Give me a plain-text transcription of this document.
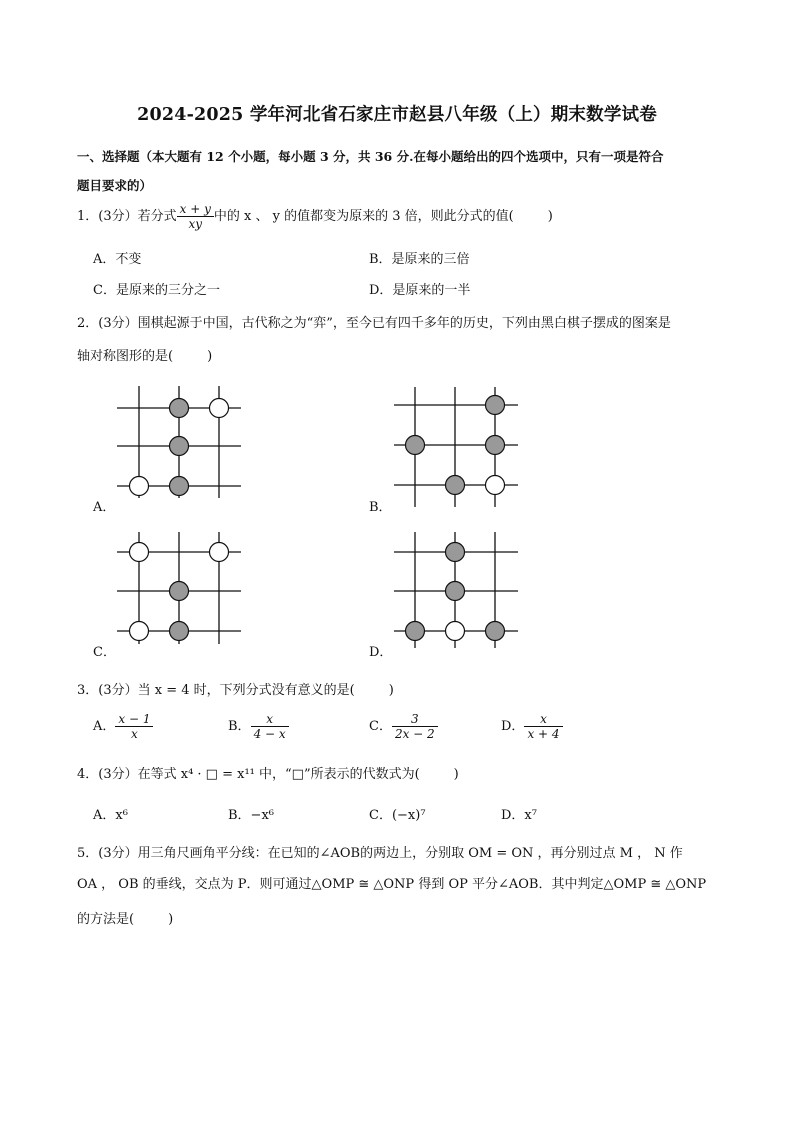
2024-2025 学年河北省石家庄市赵县八年级（上）期末数学试卷
一、选择题（本大题有 12 个小题，每小题 3 分，共 36 分.在每小题给出的四个选项中，只有一项是符合
题目要求的）
1．(3分）若分式 $\frac{x + y}{xy}$ 中的 x 、 y 的值都变为原来的 3 倍，则此分式的值(	)
A．不变	B．是原来的三倍
C．是原来的三分之一	D．是原来的一半
2．(3分）围棋起源于中国，古代称之为“弈”，至今已有四千多年的历史，下列由黑白棋子摆成的图案是
轴对称图形的是(	)
A．	B．
C．	D．
3．(3分）当 x = 4 时，下列分式没有意义的是(	)
A． $\frac{x - 1}{x}$	B． $\frac{x}{4 - x}$	C． $\frac{3}{2x - 2}$	D． $\frac{x}{x + 4}$
4．(3分）在等式 x⁴ · □ = x¹¹ 中，“□”所表示的代数式为(	)
A．x⁶	B．−x⁶	C．(−x)⁷	D．x⁷
5．(3分）用三角尺画角平分线：在已知的∠AOB的两边上，分别取 OM = ON ，再分别过点 M ， N 作
OA ， OB 的垂线，交点为 P．则可通过△OMP ≅ △ONP 得到 OP 平分∠AOB．其中判定△OMP ≅ △ONP
的方法是(	)
